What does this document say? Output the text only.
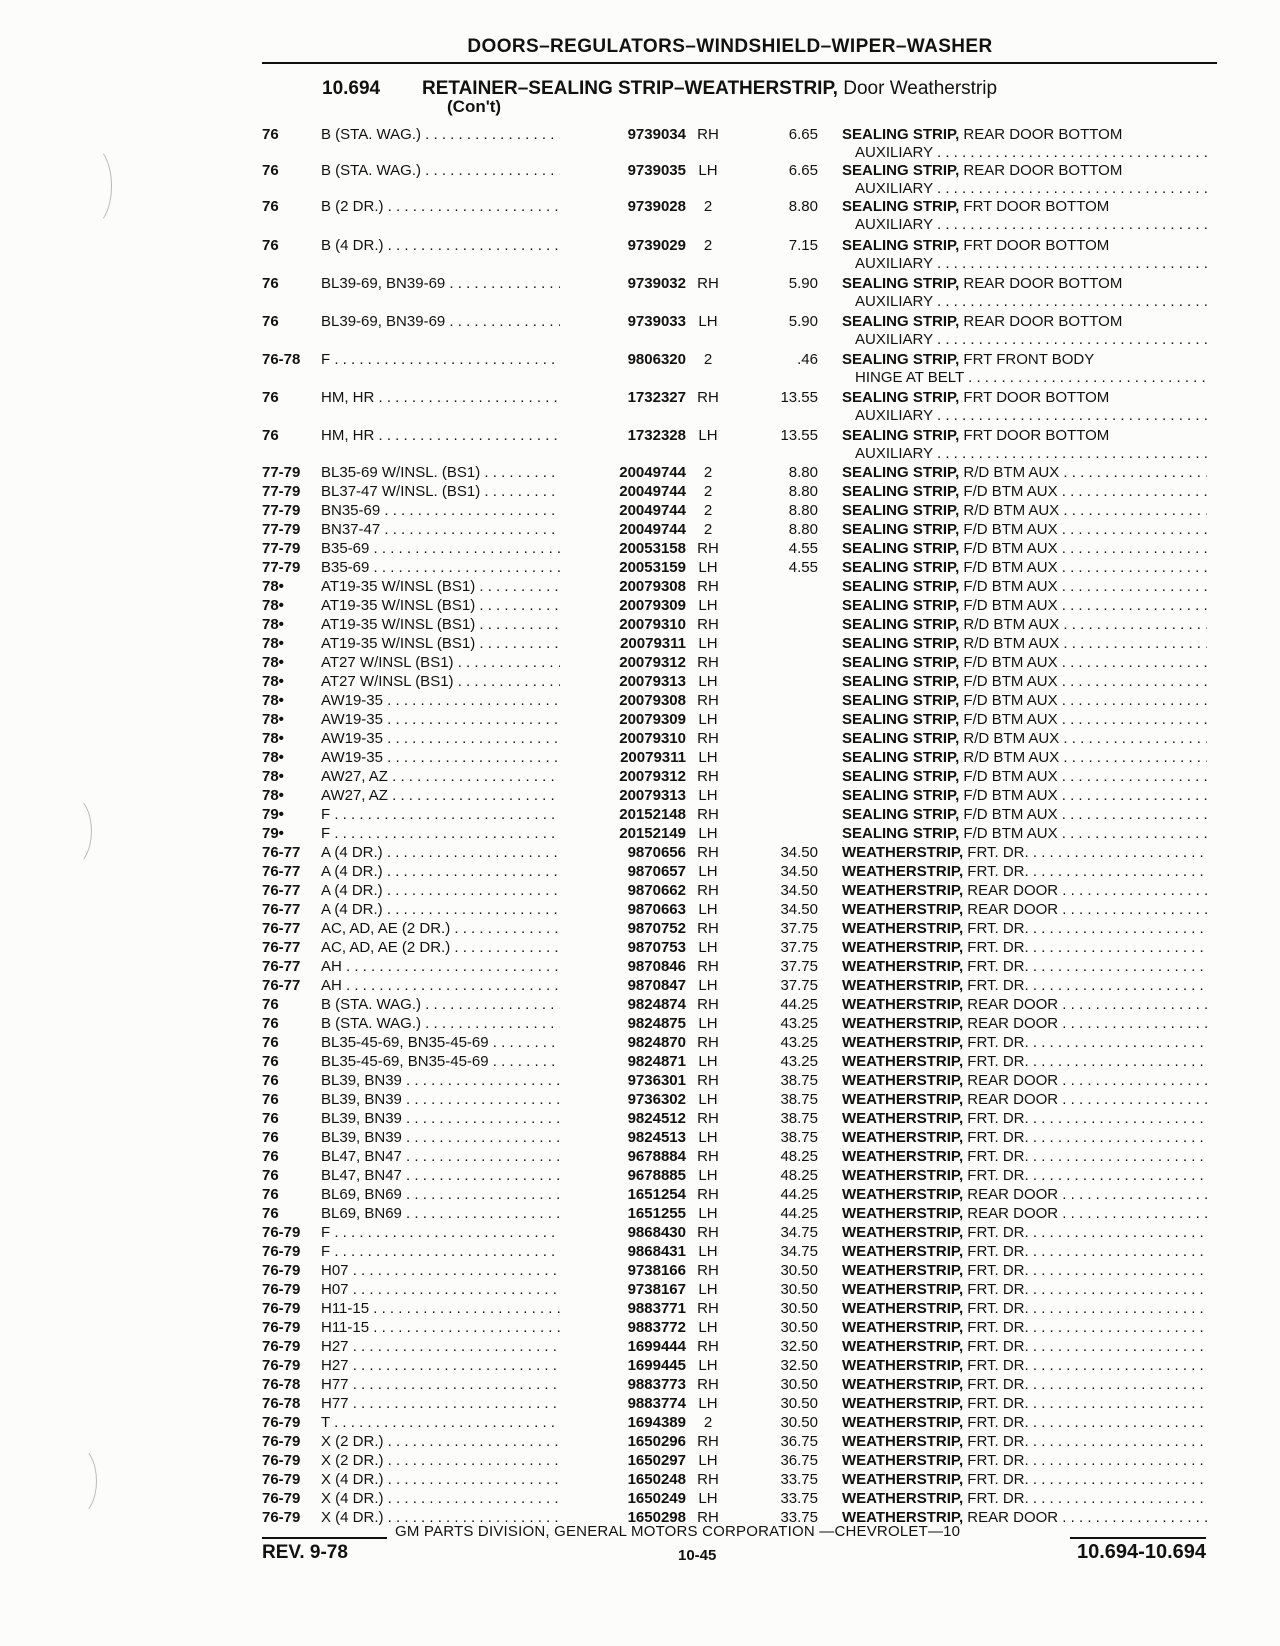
DOORS–REGULATORS–WINDSHIELD–WIPER–WASHER
10.694 RETAINER–SEALING STRIP–WEATHERSTRIP, Door Weatherstrip
(Con't)
76	B (STA. WAG.) . . .	9739034 RH	6.65 SEALING STRIP, REAR DOOR BOTTOM
AUXILIARY . . .
76	B (STA. WAG.) . . .	9739035 LH	6.65 SEALING STRIP, REAR DOOR BOTTOM
AUXILIARY . . .
76	B (2 DR.) . . .	9739028	2	8.80 SEALING STRIP, FRT DOOR BOTTOM
AUXILIARY . . .
76	B (4 DR.) . . .	9739029	2	7.15 SEALING STRIP, FRT DOOR BOTTOM
AUXILIARY . . .
76	BL39-69, BN39-69 . . .	9739032 RH	5.90 SEALING STRIP, REAR DOOR BOTTOM
AUXILIARY . . .
76	BL39-69, BN39-69 . . .	9739033 LH	5.90 SEALING STRIP, REAR DOOR BOTTOM
AUXILIARY . . .
76-78 F . . .	9806320	2	.46 SEALING STRIP, FRT FRONT BODY
HINGE AT BELT . . .
76	HM, HR . . .	1732327 RH	13.55 SEALING STRIP, FRT DOOR BOTTOM
AUXILIARY . . .
76	HM, HR . . .	1732328 LH	13.55 SEALING STRIP, FRT DOOR BOTTOM
AUXILIARY . . .
77-79 BL35-69 W/INSL. (BS1) . . .	20049744	2	8.80 SEALING STRIP, R/D BTM AUX . . .
77-79 BL37-47 W/INSL. (BS1) . . .	20049744	2	8.80 SEALING STRIP, F/D BTM AUX . . .
77-79 BN35-69 . . .	20049744	2	8.80 SEALING STRIP, R/D BTM AUX . . .
77-79 BN37-47 . . .	20049744	2	8.80 SEALING STRIP, F/D BTM AUX . . .
77-79 B35-69 . . .	20053158 RH	4.55 SEALING STRIP, F/D BTM AUX . . .
77-79 B35-69 . . .	20053159 LH	4.55 SEALING STRIP, F/D BTM AUX . . .
78• AT19-35 W/INSL (BS1) . . .	20079308 RH	SEALING STRIP, F/D BTM AUX . . .
78• AT19-35 W/INSL (BS1) . . .	20079309 LH	SEALING STRIP, F/D BTM AUX . . .
78• AT19-35 W/INSL (BS1) . . .	20079310 RH	SEALING STRIP, R/D BTM AUX . . .
78• AT19-35 W/INSL (BS1) . . .	20079311 LH	SEALING STRIP, R/D BTM AUX . . .
78• AT27 W/INSL (BS1) . . .	20079312 RH	SEALING STRIP, F/D BTM AUX . . .
78• AT27 W/INSL (BS1) . . .	20079313 LH	SEALING STRIP, F/D BTM AUX . . .
78• AW19-35 . . .	20079308 RH	SEALING STRIP, F/D BTM AUX . . .
78• AW19-35 . . .	20079309 LH	SEALING STRIP, F/D BTM AUX . . .
78• AW19-35 . . .	20079310 RH	SEALING STRIP, R/D BTM AUX . . .
78• AW19-35 . . .	20079311 LH	SEALING STRIP, R/D BTM AUX . . .
78• AW27, AZ . . .	20079312 RH	SEALING STRIP, F/D BTM AUX . . .
78• AW27, AZ . . .	20079313 LH	SEALING STRIP, F/D BTM AUX . . .
79• F . . .	20152148 RH	SEALING STRIP, F/D BTM AUX . . .
79• F . . .	20152149 LH	SEALING STRIP, F/D BTM AUX . . .
76-77 A (4 DR.) . . .	9870656 RH	34.50 WEATHERSTRIP, FRT. DR. . . .
76-77 A (4 DR.) . . .	9870657 LH	34.50 WEATHERSTRIP, FRT. DR. . . .
76-77 A (4 DR.) . . .	9870662 RH	34.50 WEATHERSTRIP, REAR DOOR . . .
76-77 A (4 DR.) . . .	9870663 LH	34.50 WEATHERSTRIP, REAR DOOR . . .
76-77 AC, AD, AE (2 DR.) . . .	9870752 RH	37.75 WEATHERSTRIP, FRT. DR. . . .
76-77 AC, AD, AE (2 DR.) . . .	9870753 LH	37.75 WEATHERSTRIP, FRT. DR. . . .
76-77 AH . . .	9870846 RH	37.75 WEATHERSTRIP, FRT. DR. . . .
76-77 AH . . .	9870847 LH	37.75 WEATHERSTRIP, FRT. DR. . . .
76	B (STA. WAG.) . . .	9824874 RH	44.25 WEATHERSTRIP, REAR DOOR . . .
76	B (STA. WAG.) . . .	9824875 LH	43.25 WEATHERSTRIP, REAR DOOR . . .
76	BL35-45-69, BN35-45-69 . . .	9824870 RH	43.25 WEATHERSTRIP, FRT. DR. . . .
76	BL35-45-69, BN35-45-69 . . .	9824871 LH	43.25 WEATHERSTRIP, FRT. DR. . . .
76	BL39, BN39 . . .	9736301 RH	38.75 WEATHERSTRIP, REAR DOOR . . .
76	BL39, BN39 . . .	9736302 LH	38.75 WEATHERSTRIP, REAR DOOR . . .
76	BL39, BN39 . . .	9824512 RH	38.75 WEATHERSTRIP, FRT. DR. . . .
76	BL39, BN39 . . .	9824513 LH	38.75 WEATHERSTRIP, FRT. DR. . . .
76	BL47, BN47 . . .	9678884 RH	48.25 WEATHERSTRIP, FRT. DR. . . .
76	BL47, BN47 . . .	9678885 LH	48.25 WEATHERSTRIP, FRT. DR. . . .
76	BL69, BN69 . . .	1651254 RH	44.25 WEATHERSTRIP, REAR DOOR . . .
76	BL69, BN69 . . .	1651255 LH	44.25 WEATHERSTRIP, REAR DOOR . . .
76-79 F . . .	9868430 RH	34.75 WEATHERSTRIP, FRT. DR. . . .
76-79 F . . .	9868431 LH	34.75 WEATHERSTRIP, FRT. DR. . . .
76-79 H07 . . .	9738166 RH	30.50 WEATHERSTRIP, FRT. DR. . . .
76-79 H07 . . .	9738167 LH	30.50 WEATHERSTRIP, FRT. DR. . . .
76-79 H11-15 . . .	9883771 RH	30.50 WEATHERSTRIP, FRT. DR. . . .
76-79 H11-15 . . .	9883772 LH	30.50 WEATHERSTRIP, FRT. DR. . . .
76-79 H27 . . .	1699444 RH	32.50 WEATHERSTRIP, FRT. DR. . . .
76-79 H27 . . .	1699445 LH	32.50 WEATHERSTRIP, FRT. DR. . . .
76-78 H77 . . .	9883773 RH	30.50 WEATHERSTRIP, FRT. DR. . . .
76-78 H77 . . .	9883774 LH	30.50 WEATHERSTRIP, FRT. DR. . . .
76-79 T . . .	1694389	2	30.50 WEATHERSTRIP, FRT. DR. . . .
76-79 X (2 DR.) . . .	1650296 RH	36.75 WEATHERSTRIP, FRT. DR. . . .
76-79 X (2 DR.) . . .	1650297 LH	36.75 WEATHERSTRIP, FRT. DR. . . .
76-79 X (4 DR.) . . .	1650248 RH	33.75 WEATHERSTRIP, FRT. DR. . . .
76-79 X (4 DR.) . . .	1650249 LH	33.75 WEATHERSTRIP, FRT. DR. . . .
76-79 X (4 DR.) . . .	1650298 RH	33.75 WEATHERSTRIP, REAR DOOR . . .
GM PARTS DIVISION, GENERAL MOTORS CORPORATION —CHEVROLET—10
REV. 9-78	10-45	10.694-10.694
